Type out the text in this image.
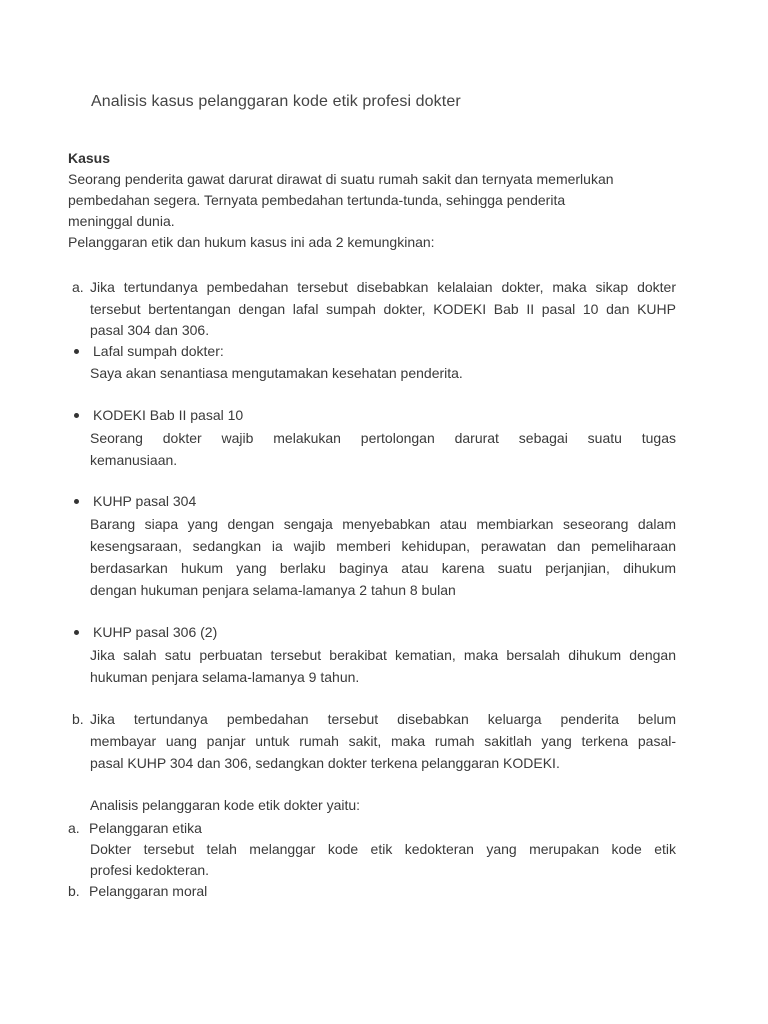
Analisis kasus pelanggaran kode etik profesi dokter
Kasus
Seorang penderita gawat darurat dirawat di suatu rumah sakit dan ternyata memerlukan
pembedahan segera. Ternyata pembedahan tertunda-tunda, sehingga penderita
meninggal dunia.
Pelanggaran etik dan hukum kasus ini ada 2 kemungkinan:
a. Jika tertundanya pembedahan tersebut disebabkan kelalaian dokter, maka sikap dokter
tersebut bertentangan dengan lafal sumpah dokter, KODEKI Bab II pasal 10 dan KUHP
pasal 304 dan 306.
Lafal sumpah dokter:
Saya akan senantiasa mengutamakan kesehatan penderita.
KODEKI Bab II pasal 10
Seorang dokter wajib melakukan pertolongan darurat sebagai suatu tugas
kemanusiaan.
KUHP pasal 304
Barang siapa yang dengan sengaja menyebabkan atau membiarkan seseorang dalam
kesengsaraan, sedangkan ia wajib memberi kehidupan, perawatan dan pemeliharaan
berdasarkan hukum yang berlaku baginya atau karena suatu perjanjian, dihukum
dengan hukuman penjara selama-lamanya 2 tahun 8 bulan
KUHP pasal 306 (2)
Jika salah satu perbuatan tersebut berakibat kematian, maka bersalah dihukum dengan
hukuman penjara selama-lamanya 9 tahun.
b. Jika tertundanya pembedahan tersebut disebabkan keluarga penderita belum
membayar uang panjar untuk rumah sakit, maka rumah sakitlah yang terkena pasal-
pasal KUHP 304 dan 306, sedangkan dokter terkena pelanggaran KODEKI.
Analisis pelanggaran kode etik dokter yaitu:
a. Pelanggaran etika
Dokter tersebut telah melanggar kode etik kedokteran yang merupakan kode etik
profesi kedokteran.
b. Pelanggaran moral
